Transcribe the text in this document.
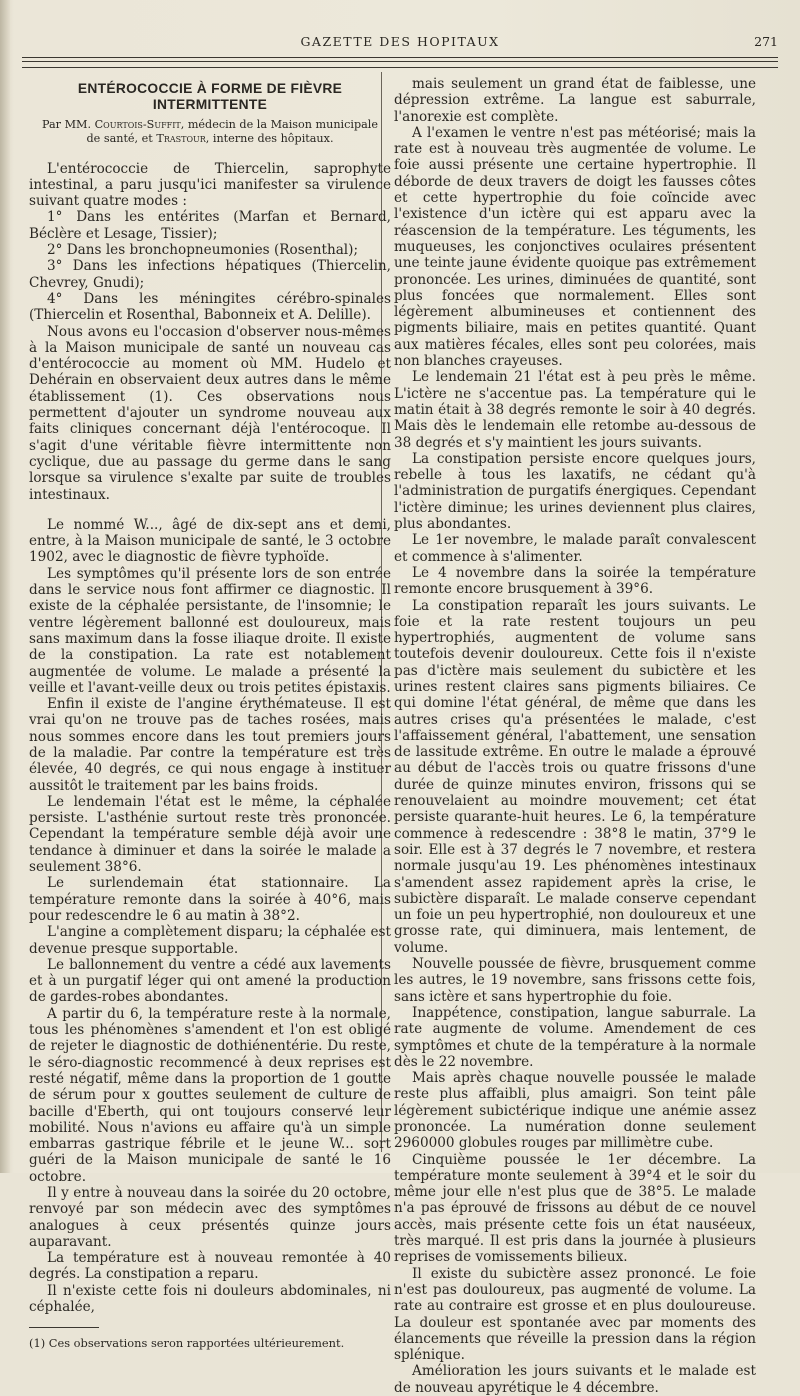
GAZETTE DES HOPITAUX	271
ENTÉROCOCCIE À FORME DE FIÈVRE INTERMITTENTE
Par MM. Courtois-Suffit, médecin de la Maison municipale de santé, et Trastour, interne des hôpitaux.

L'entérococcie de Thiercelin, saprophyte intestinal, a paru jusqu'ici manifester sa virulence suivant quatre modes :

1° Dans les entérites (Marfan et Bernard, Béclère et Lesage, Tissier);

2° Dans les bronchopneumonies (Rosenthal);

3° Dans les infections hépatiques (Thiercelin, Chevrey, Gnudi);

4° Dans les méningites cérébro-spinales (Thiercelin et Rosenthal, Babonneix et A. Delille).

Nous avons eu l'occasion d'observer nous-mêmes à la Maison municipale de santé un nouveau cas d'entérococcie au moment où MM. Hudelo et Dehérain en observaient deux autres dans le même établissement (1). Ces observations nous permettent d'ajouter un syndrome nouveau aux faits cliniques concernant déjà l'entérocoque. Il s'agit d'une véritable fièvre intermittente non cyclique, due au passage du germe dans le sang lorsque sa virulence s'exalte par suite de troubles intestinaux.

Le nommé W..., âgé de dix-sept ans et demi, entre, à la Maison municipale de santé, le 3 octobre 1902, avec le diagnostic de fièvre typhoïde.

Les symptômes qu'il présente lors de son entrée dans le service nous font affirmer ce diagnostic. Il existe de la céphalée persistante, de l'insomnie; le ventre légèrement ballonné est douloureux, mais sans maximum dans la fosse iliaque droite. Il existe de la constipation. La rate est notablement augmentée de volume. Le malade a présenté la veille et l'avant-veille deux ou trois petites épistaxis.

Enfin il existe de l'angine érythémateuse. Il est vrai qu'on ne trouve pas de taches rosées, mais nous sommes encore dans les tout premiers jours de la maladie. Par contre la température est très élevée, 40 degrés, ce qui nous engage à instituer aussitôt le traitement par les bains froids.

Le lendemain l'état est le même, la céphalée persiste. L'asthénie surtout reste très prononcée. Cependant la température semble déjà avoir une tendance à diminuer et dans la soirée le malade a seulement 38°6.

Le surlendemain état stationnaire. La température remonte dans la soirée à 40°6, mais pour redescendre le 6 au matin à 38°2.

L'angine a complètement disparu; la céphalée est devenue presque supportable.

Le ballonnement du ventre a cédé aux lavements et à un purgatif léger qui ont amené la production de gardes-robes abondantes.

A partir du 6, la température reste à la normale, tous les phénomènes s'amendent et l'on est obligé de rejeter le diagnostic de dothiénentérie. Du reste, le séro-diagnostic recommencé à deux reprises est resté négatif, même dans la proportion de 1 goutte de sérum pour x gouttes seulement de culture de bacille d'Eberth, qui ont toujours conservé leur mobilité. Nous n'avions eu affaire qu'à un simple embarras gastrique fébrile et le jeune W... sort guéri de la Maison municipale de santé le 16 octobre.

Il y entre à nouveau dans la soirée du 20 octobre, renvoyé par son médecin avec des symptômes analogues à ceux présentés quinze jours auparavant.

La température est à nouveau remontée à 40 degrés. La constipation a reparu.

Il n'existe cette fois ni douleurs abdominales, ni céphalée,

(1) Ces observations seron rapportées ultérieurement.

mais seulement un grand état de faiblesse, une dépression extrême. La langue est saburrale, l'anorexie est complète.

A l'examen le ventre n'est pas météorisé; mais la rate est à nouveau très augmentée de volume. Le foie aussi présente une certaine hypertrophie. Il déborde de deux travers de doigt les fausses côtes et cette hypertrophie du foie coïncide avec l'existence d'un ictère qui est apparu avec la réascension de la température. Les téguments, les muqueuses, les conjonctives oculaires présentent une teinte jaune évidente quoique pas extrêmement prononcée. Les urines, diminuées de quantité, sont plus foncées que normalement. Elles sont légèrement albumineuses et contiennent des pigments biliaire, mais en petites quantité. Quant aux matières fécales, elles sont peu colorées, mais non blanches crayeuses.

Le lendemain 21 l'état est à peu près le même. L'ictère ne s'accentue pas. La température qui le matin était à 38 degrés remonte le soir à 40 degrés. Mais dès le lendemain elle retombe au-dessous de 38 degrés et s'y maintient les jours suivants.

La constipation persiste encore quelques jours, rebelle à tous les laxatifs, ne cédant qu'à l'administration de purgatifs énergiques. Cependant l'ictère diminue; les urines deviennent plus claires, plus abondantes.

Le 1er novembre, le malade paraît convalescent et commence à s'alimenter.

Le 4 novembre dans la soirée la température remonte encore brusquement à 39°6.

La constipation reparaît les jours suivants. Le foie et la rate restent toujours un peu hypertrophiés, augmentent de volume sans toutefois devenir douloureux. Cette fois il n'existe pas d'ictère mais seulement du subictère et les urines restent claires sans pigments biliaires. Ce qui domine l'état général, de même que dans les autres crises qu'a présentées le malade, c'est l'affaissement général, l'abattement, une sensation de lassitude extrême. En outre le malade a éprouvé au début de l'accès trois ou quatre frissons d'une durée de quinze minutes environ, frissons qui se renouvelaient au moindre mouvement; cet état persiste quarante-huit heures. Le 6, la température commence à redescendre : 38°8 le matin, 37°9 le soir. Elle est à 37 degrés le 7 novembre, et restera normale jusqu'au 19. Les phénomènes intestinaux s'amendent assez rapidement après la crise, le subictère disparaît. Le malade conserve cependant un foie un peu hypertrophié, non douloureux et une grosse rate, qui diminuera, mais lentement, de volume.

Nouvelle poussée de fièvre, brusquement comme les autres, le 19 novembre, sans frissons cette fois, sans ictère et sans hypertrophie du foie.

Inappétence, constipation, langue saburrale. La rate augmente de volume. Amendement de ces symptômes et chute de la température à la normale dès le 22 novembre.

Mais après chaque nouvelle poussée le malade reste plus affaibli, plus amaigri. Son teint pâle légèrement subictérique indique une anémie assez prononcée. La numération donne seulement 2960000 globules rouges par millimètre cube.

Cinquième poussée le 1er décembre. La température monte seulement à 39°4 et le soir du même jour elle n'est plus que de 38°5. Le malade n'a pas éprouvé de frissons au début de ce nouvel accès, mais présente cette fois un état nauséeux, très marqué. Il est pris dans la journée à plusieurs reprises de vomissements bilieux.

Il existe du subictère assez prononcé. Le foie n'est pas douloureux, pas augmenté de volume. La rate au contraire est grosse et en plus douloureuse. La douleur est spontanée avec par moments des élancements que réveille la pression dans la région splénique.

Amélioration les jours suivants et le malade est de nouveau apyrétique le 4 décembre.
